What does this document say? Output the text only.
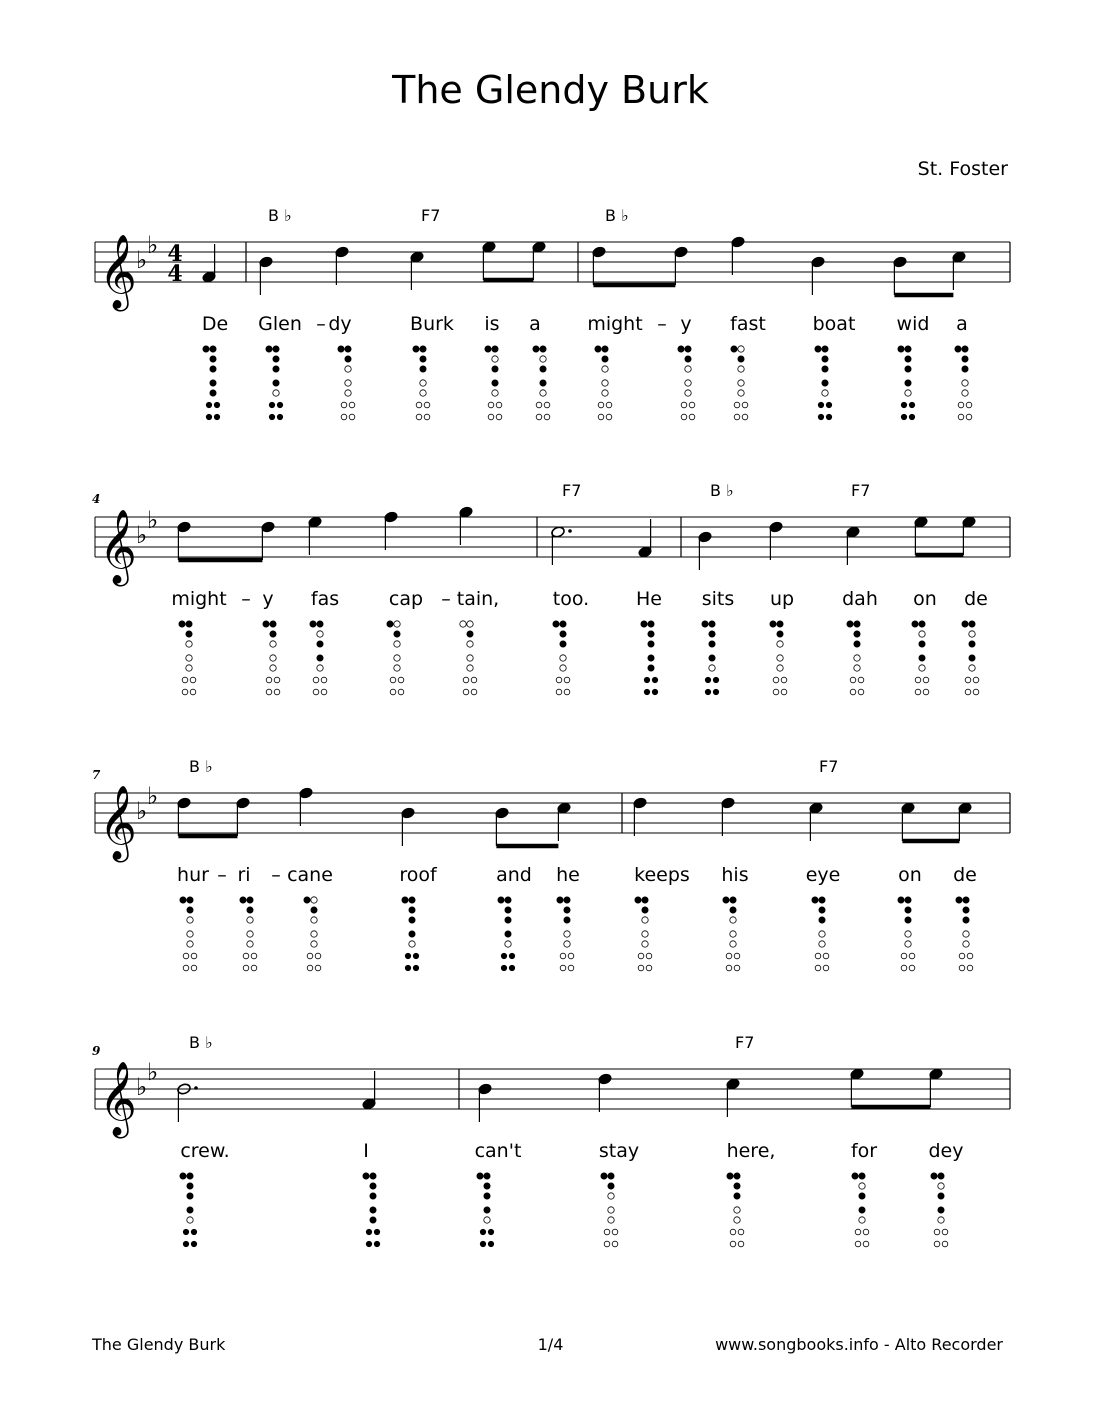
The Glendy Burk
St. Foster
𝄞 ♭
♭ 4
4
B ♭	F7	B ♭
De Glen – dy	Burk is a might – y fast boat wid a
𝄞 ♭
♭
4	F7	B ♭	F7
might – y fas	cap – tain,	too. He sits up	dah on de
𝄞 ♭
♭
7	B ♭	F7
hur – ri – cane	roof	and he	keeps his	eye	on de
𝄞 ♭
♭
9	B ♭	F7
crew.	I	can't	stay	here,	for	dey
The Glendy Burk	1/4	www.songbooks.info - Alto Recorder
